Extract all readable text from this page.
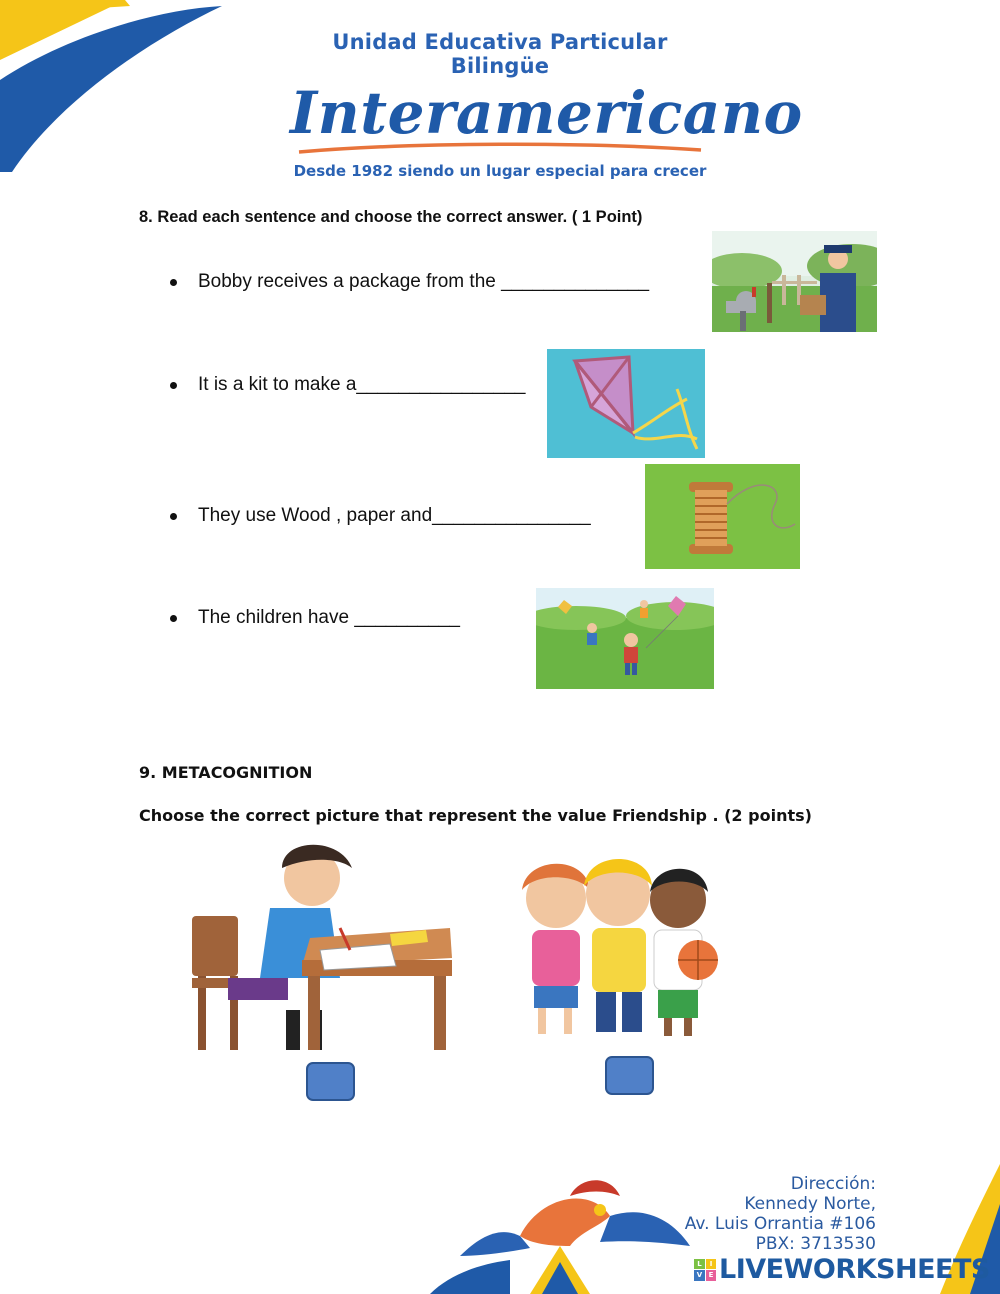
Unidad Educativa Particular Bilingüe
Interamericano
Desde 1982 siendo un lugar especial para crecer
8. Read each sentence and choose the correct answer. ( 1 Point)
Bobby receives a package from the ______________
It is a kit to make a________________
They use Wood , paper and_______________
The children have __________
9. METACOGNITION
Choose the correct picture that represent the value Friendship . (2 points)
Dirección:
Kennedy Norte,
Av. Luis Orrantia #106
PBX: 3713530
L	I
V E LIVEWORKSHEETS
